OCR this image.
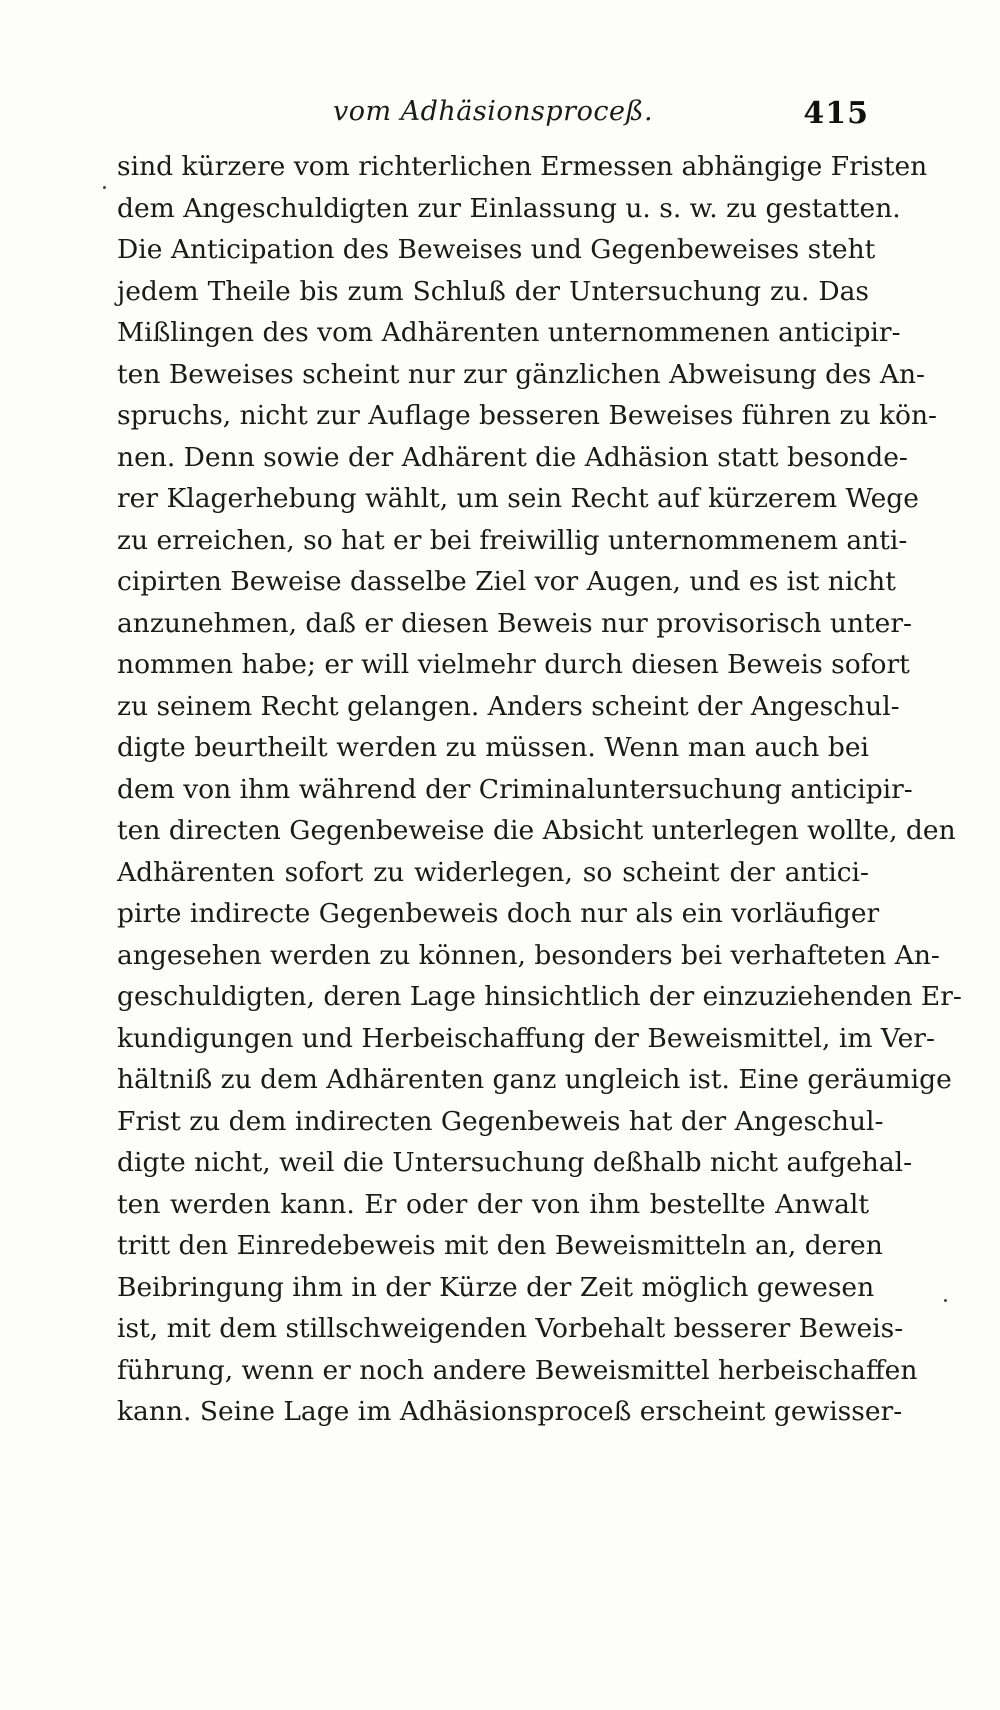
vom Adhäsionsproceß.	415
sind kürzere vom richterlichen Ermessen abhängige Fristen
dem Angeschuldigten zur Einlassung u. s. w. zu gestatten.
Die Anticipation des Beweises und Gegenbeweises steht
jedem Theile bis zum Schluß der Untersuchung zu. Das
Mißlingen des vom Adhärenten unternommenen anticipir-
ten Beweises scheint nur zur gänzlichen Abweisung des An-
spruchs, nicht zur Auflage besseren Beweises führen zu kön-
nen. Denn sowie der Adhärent die Adhäsion statt besonde-
rer Klagerhebung wählt, um sein Recht auf kürzerem Wege
zu erreichen, so hat er bei freiwillig unternommenem anti-
cipirten Beweise dasselbe Ziel vor Augen, und es ist nicht
anzunehmen, daß er diesen Beweis nur provisorisch unter-
nommen habe; er will vielmehr durch diesen Beweis sofort
zu seinem Recht gelangen. Anders scheint der Angeschul-
digte beurtheilt werden zu müssen. Wenn man auch bei
dem von ihm während der Criminaluntersuchung anticipir-
ten directen Gegenbeweise die Absicht unterlegen wollte, den
Adhärenten sofort zu widerlegen, so scheint der antici-
pirte indirecte Gegenbeweis doch nur als ein vorläufiger
angesehen werden zu können, besonders bei verhafteten An-
geschuldigten, deren Lage hinsichtlich der einzuziehenden Er-
kundigungen und Herbeischaffung der Beweismittel, im Ver-
hältniß zu dem Adhärenten ganz ungleich ist. Eine geräumige
Frist zu dem indirecten Gegenbeweis hat der Angeschul-
digte nicht, weil die Untersuchung deßhalb nicht aufgehal-
ten werden kann. Er oder der von ihm bestellte Anwalt
tritt den Einredebeweis mit den Beweismitteln an, deren
Beibringung ihm in der Kürze der Zeit möglich gewesen
ist, mit dem stillschweigenden Vorbehalt besserer Beweis-
führung, wenn er noch andere Beweismittel herbeischaffen
kann. Seine Lage im Adhäsionsproceß erscheint gewisser-
